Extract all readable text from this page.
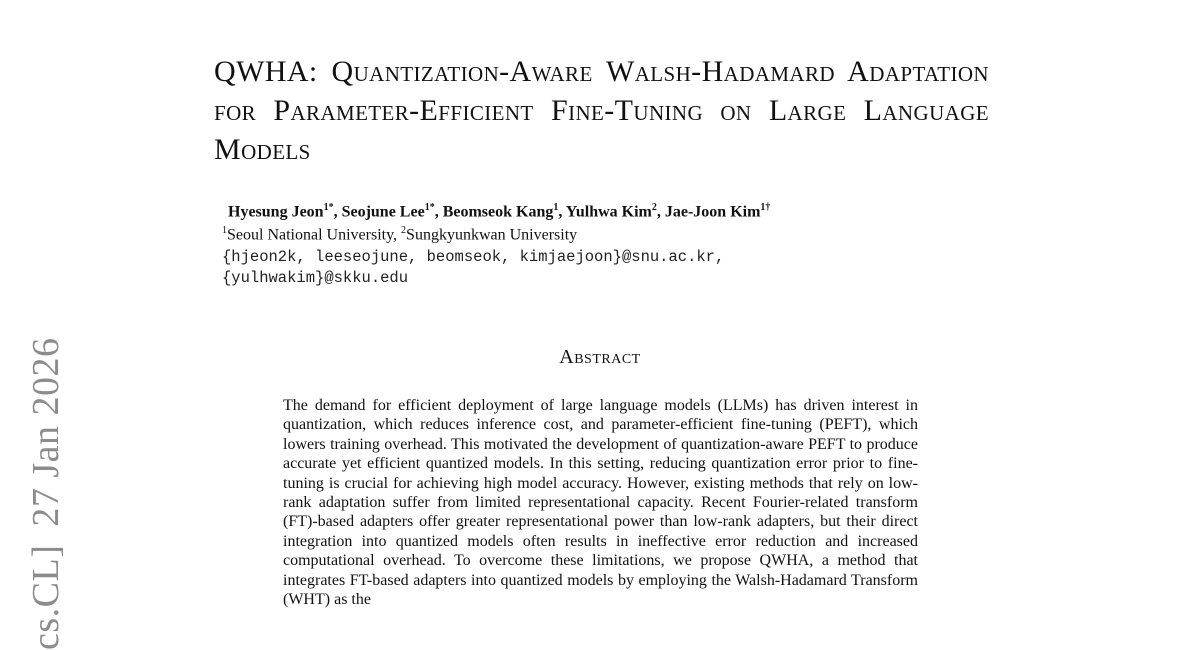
cs.CL]27 Jan 2026
QWHA: Quantization-Aware Walsh-Hadamard Adaptation for Parameter-Efficient Fine-Tuning on Large Language Models
Hyesung Jeon$^{1*}$, Seojune Lee$^{1*}$, Beomseok Kang$^1$, Yulhwa Kim$^2$, Jae-Joon Kim$^{1\dagger}$
$^1$Seoul National University, $^2$Sungkyunkwan University
{hjeon2k, leeseojune, beomseok, kimjaejoon}@snu.ac.kr,
{yulhwakim}@skku.edu
Abstract

The demand for efficient deployment of large language models (LLMs) has driven interest in quantization, which reduces inference cost, and parameter-efficient fine-tuning (PEFT), which lowers training overhead. This motivated the development of quantization-aware PEFT to produce accurate yet efficient quantized models. In this setting, reducing quantization error prior to fine-tuning is crucial for achieving high model accuracy. However, existing methods that rely on low-rank adaptation suffer from limited representational capacity. Recent Fourier-related transform (FT)-based adapters offer greater representational power than low-rank adapters, but their direct integration into quantized models often results in ineffective error reduction and increased computational overhead. To overcome these limitations, we propose QWHA, a method that integrates FT-based adapters into quantized models by employing the Walsh-Hadamard Transform (WHT) as the
